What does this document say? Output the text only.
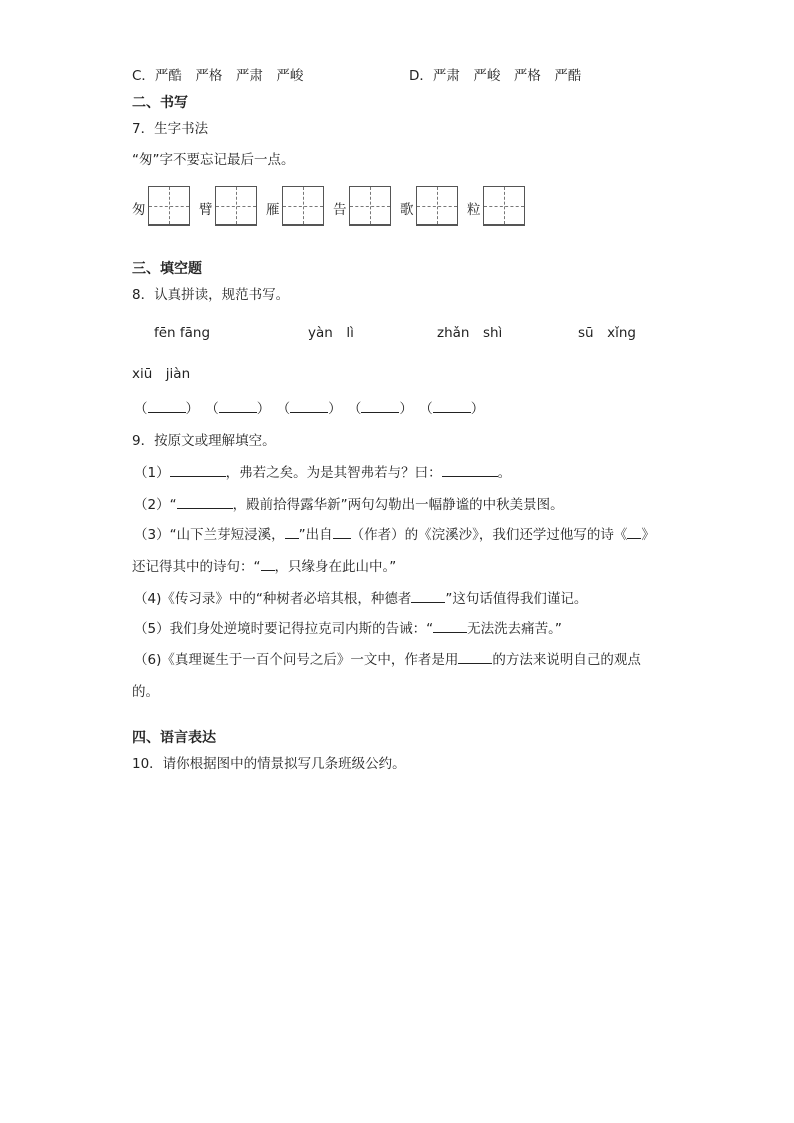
C．严酷　严格　严肃　严峻	D．严肃　严峻　严格　严酷
二、书写
7．生字书法
“匆”字不要忘记最后一点。
匆	臂	雁	告	歌	粒
三、填空题
8．认真拼读，规范书写。
fēn fāng	yàn　lì	zhǎn　shì	sū　xǐng
xiū　jiàn
（	） （	） （	） （	） （	）
9．按原文或理解填空。
（1）	，弗若之矣。为是其智弗若与？曰：	。
（2）“	，殿前拾得露华新”两句勾勒出一幅静谧的中秋美景图。
（3）“山下兰芽短浸溪， ”出自 （作者）的《浣溪沙》，我们还学过他写的诗《 》
还记得其中的诗句：“ ，只缘身在此山中。”
（4)《传习录》中的“种树者必培其根，种德者	”这句话值得我们谨记。
（5）我们身处逆境时要记得拉克司内斯的告诫：“	无法洗去痛苦。”
（6)《真理诞生于一百个问号之后》一文中，作者是用	的方法来说明自己的观点
的。
四、语言表达
10．请你根据图中的情景拟写几条班级公约。
